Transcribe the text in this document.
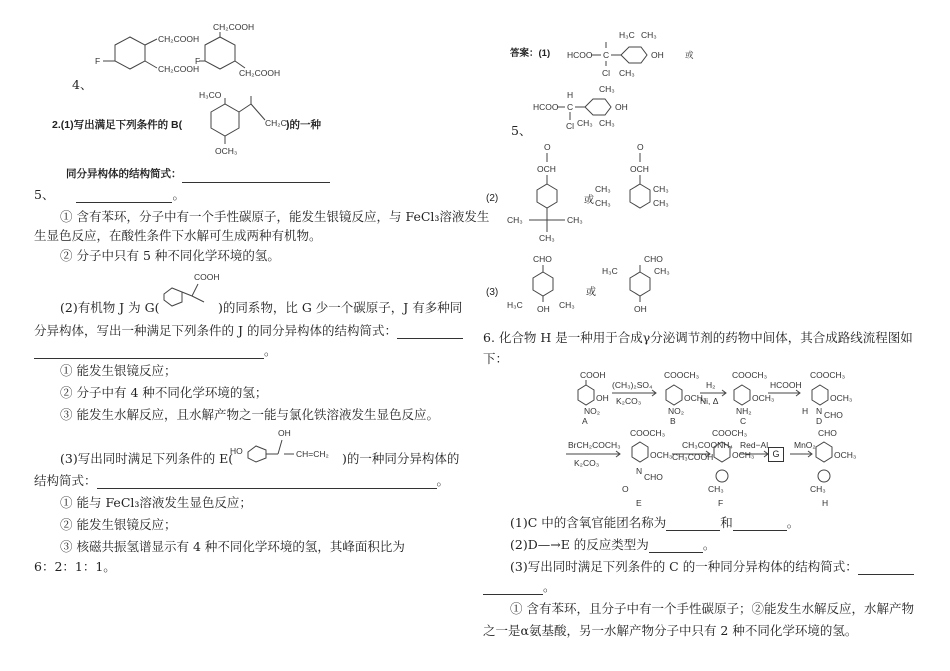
CH₂COOH
CH₂COOH
F
CH₂COOH
F
CH₂COOH
4、
2.(1)写出满足下列条件的 B(
H₃CO
CH₂Cl
OCH₃
)的一种
同分异构体的结构简式：
5、	。
① 含有苯环，分子中有一个手性碳原子，能发生银镜反应，与 FeCl₃溶液发生
生显色反应，在酸性条件下水解可生成两种有机物。
② 分子中只有 5 种不同化学环境的氢。
(2)有机物 J 为 G(
COOH
)的同系物，比 G 少一个碳原子，J 有多种同
分异构体，写出一种满足下列条件的 J 的同分异构体的结构简式：
。
① 能发生银镜反应；
② 分子中有 4 种不同化学环境的氢；
③ 能发生水解反应，且水解产物之一能与氯化铁溶液发生显色反应。
(3)写出同时满足下列条件的 E(
HO
OH
CH=CH₂ )的一种同分异构体的
结构简式：	。
① 能与 FeCl₃溶液发生显色反应；
② 能发生银镜反应；
③ 核磁共振氢谱显示有 4 种不同化学环境的氢，其峰面积比为
6：2：1：1。
答案：(1) HCOO C
Cl
H₃C
CH₃
OH
CH₃
或
HCOO C
Cl
H
CH₃
OH
CH₃
CH₃
5、
(2)
O
OCH
CH₃	CH₃
CH₃
或
O
OCH
CH₃
CH₃
CH₃
CH₃
(3)
CHO
H₃C	CH₃
OH
或
CHO
H₃C	CH₃
OH
6. 化合物 H 是一种用于合成γ分泌调节剂的药物中间体，其合成路线流程图如
下：
COOH
OH
NO₂
A
(CH₃)₂SO₄
K₂CO₃
COOCH₃
OCH₃
NO₂
B
H₂
Ni, Δ
COOCH₃
OCH₃
NH₂
C
HCOOH
COOCH₃
OCH₃
H N CHO
D
BrCH₂COCH₃
K₂CO₃
COOCH₃
OCH₃
N
CHO
O
E
CH₃COONH₄
CH₃COOH
COOCH₃
OCH₃
CH₃
F
Red−Al	MnO₂
CHO
OCH₃
CH₃
H
G
(1)C 中的含氧官能团名称为	和	。
(2)D—→E 的反应类型为	。
(3)写出同时满足下列条件的 C 的一种同分异构体的结构简式：
。
① 含有苯环，且分子中有一个手性碳原子；②能发生水解反应，水解产物
之一是α氨基酸，另一水解产物分子中只有 2 种不同化学环境的氢。
